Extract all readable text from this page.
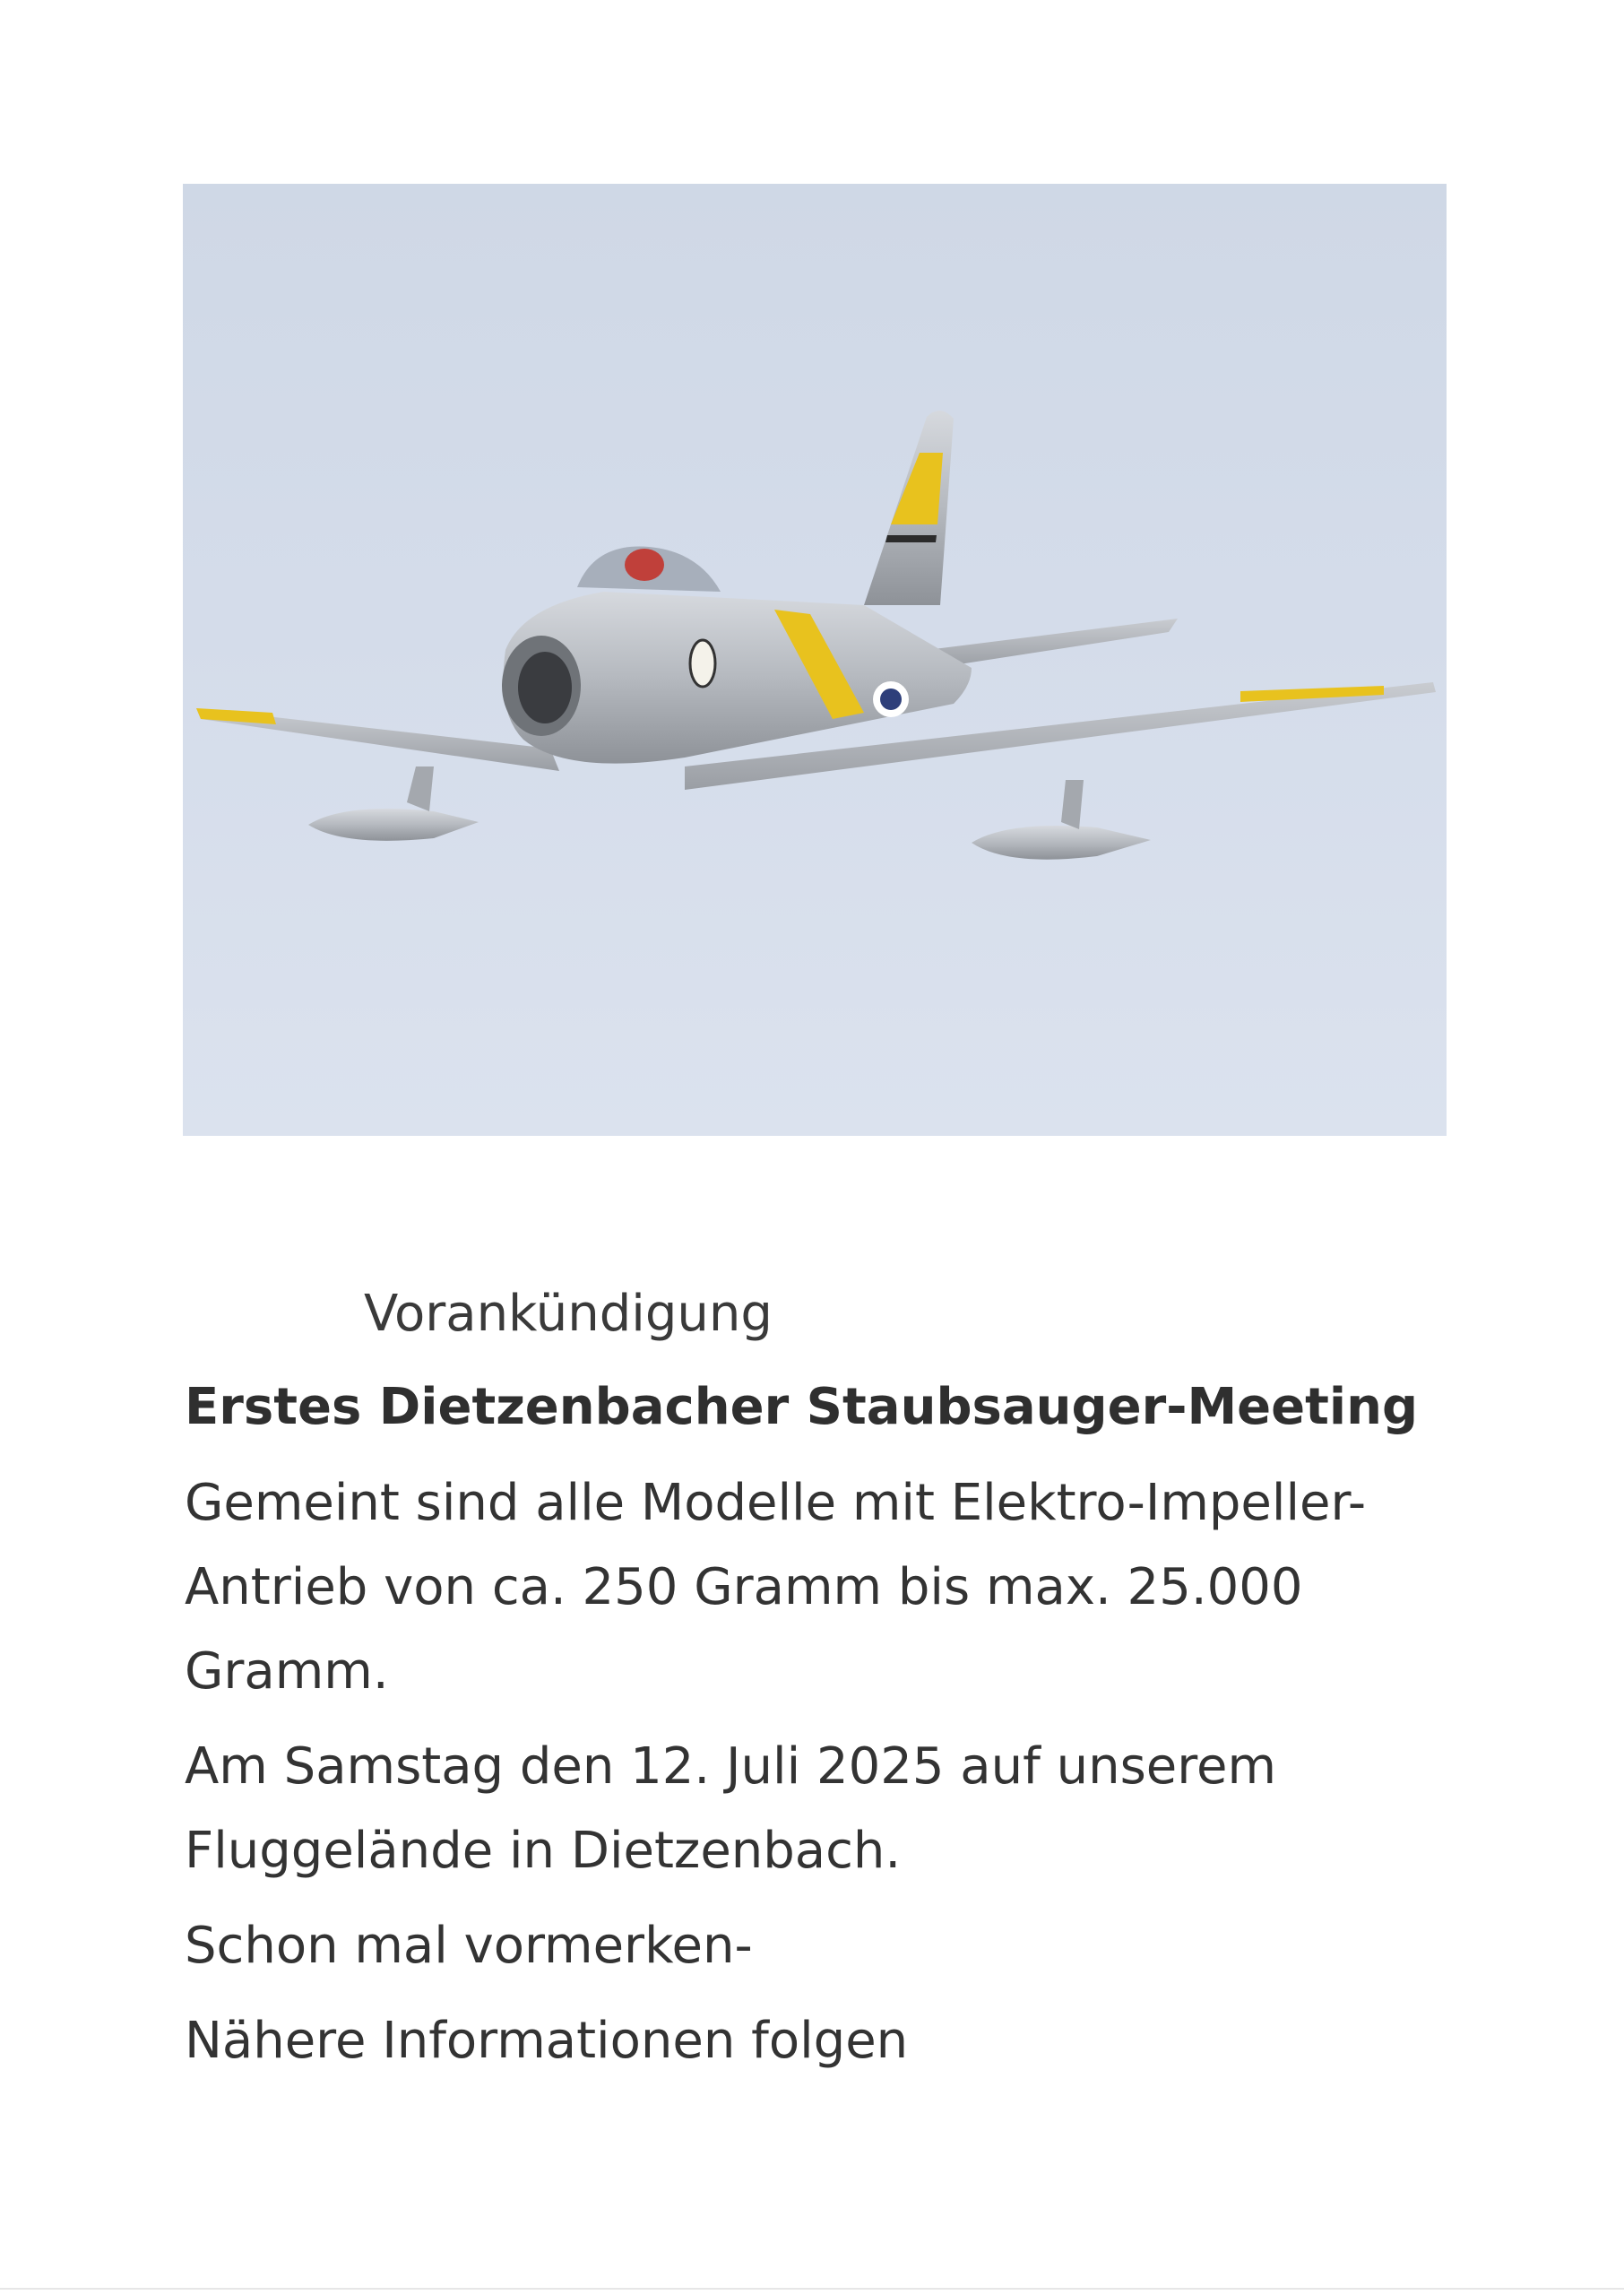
Vorankündigung

Erstes Dietzenbacher Staubsauger-Meeting

Gemeint sind alle Modelle mit Elektro-Impeller-Antrieb von ca. 250 Gramm bis max. 25.000 Gramm.

Am Samstag den 12. Juli 2025 auf unserem Fluggelände in Dietzenbach.

Schon mal vormerken-

Nähere Informationen folgen
